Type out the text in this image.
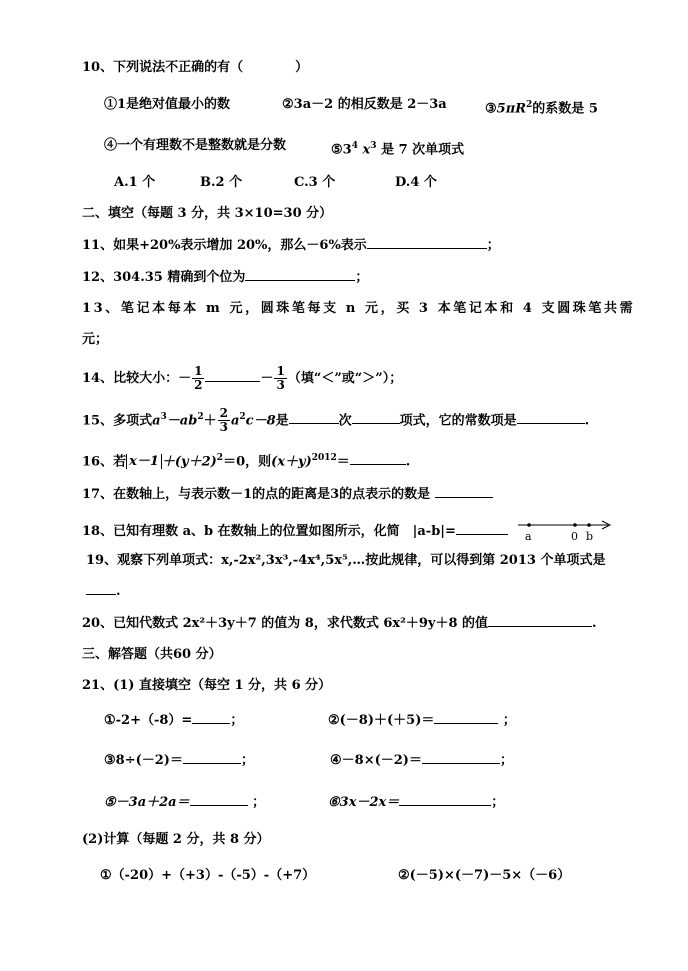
10、下列说法不正确的有（　　　　）
①1是绝对值最小的数	②3a－2 的相反数是 2－3a	$③5\pi R^2$的系数是 5
④一个有理数不是整数就是分数	$⑤3^4$ $x^3$ 是 7 次单项式
A.1 个	B.2 个	C.3 个	D.4 个
二、填空（每题 3 分，共 3×10=30 分）
11、如果+20%表示增加 20%，那么－6%表示	；
12、304.35 精确到个位为	；
13、笔记本每本 m 元，圆珠笔每支 n 元，买 3 本笔记本和 4 支圆珠笔共需
元；
14、比较大小：－ $\frac{1}{2}$	－ $\frac{1}{3}$ （填“＜”或“＞”）；
15、多项式$a^3-ab^2+ \frac{2}{3} a^2c-8$是	次	项式，它的常数项是	.
16、若 $x-1 +(y+2)^2=0$，则$(x+y)^{2012}=$	.
17、在数轴上，与表示数－1的点的距离是3的点表示的数是
18、已知有理数 a、b 在数轴上的位置如图所示，化简　|a-b|=	a	0 b
19、观察下列单项式：x,-2x²,3x³,-4x⁴,5x⁵,…按此规律，可以得到第 2013 个单项式是
.
20、已知代数式 2x²＋3y＋7 的值为 8，求代数式 6x²＋9y＋8 的值	.
三、解答题（共60 分）
21、(1) 直接填空（每空 1 分，共 6 分）
①-2+（-8）=	；	②(－8)＋(＋5)＝	；
③8÷(－2)＝	；	④－8×(－2)＝	；
⑤－3a＋2a＝	；	⑥3x－2x＝	；
(2)计算（每题 2 分，共 8 分）
①（-20）+（+3）-（-5）-（+7）	②(－5)×(－7)－5×（－6）
